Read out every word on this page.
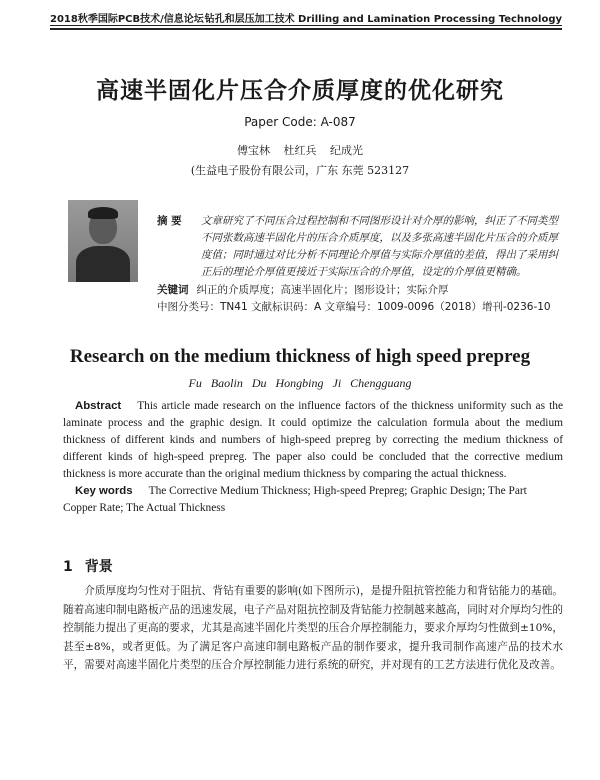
2018秋季国际PCB技术/信息论坛 钻孔和层压加工技术 Drilling and Lamination Processing Technology
高速半固化片压合介质厚度的优化研究
Paper Code: A-087
傅宝林 杜红兵 纪成光
(生益电子股份有限公司，广东 东莞 523127
摘 要	文章研究了不同压合过程控制和不同图形设计对介厚的影响，纠正了不同类型不同张数高速半固化片的压合介质厚度，以及多张高速半固化片压合的介质厚度值；同时通过对比分析不同理论介厚值与实际介厚值的差值，得出了采用纠正后的理论介厚值更接近于实际压合的介厚值，设定的介厚值更精确。
关键词 纠正的介质厚度；高速半固化片；图形设计；实际介厚
中图分类号：TN41 文献标识码：A 文章编号：1009-0096（2018）增刊-0236-10
Research on the medium thickness of high speed prepreg
Fu Baolin Du Hongbing Ji Chengguang
Abstract This article made research on the influence factors of the thickness uniformity such as the laminate process and the graphic design. It could optimize the calculation formula about the medium thickness of different kinds and numbers of high-speed prepreg by correcting the medium thickness of different kinds of high-speed prepreg. The paper also could be concluded that the corrective medium thickness is more accurate than the original medium thickness by comparing the actual thickness.
Key words The Corrective Medium Thickness; High-speed Prepreg; Graphic Design; The Part Copper Rate; The Actual Thickness
1 背景
介质厚度均匀性对于阻抗、背钻有重要的影响(如下图所示)，是提升阻抗管控能力和背钻能力的基础。随着高速印制电路板产品的迅速发展，电子产品对阻抗控制及背钻能力控制越来越高，同时对介厚均匀性的控制能力提出了更高的要求，尤其是高速半固化片类型的压合介厚控制能力，要求介厚均匀性做到±10%，甚至±8%，或者更低。为了满足客户高速印制电路板产品的制作要求，提升我司制作高速产品的技术水平，需要对高速半固化片类型的压合介厚控制能力进行系统的研究，并对现有的工艺方法进行优化及改善。
